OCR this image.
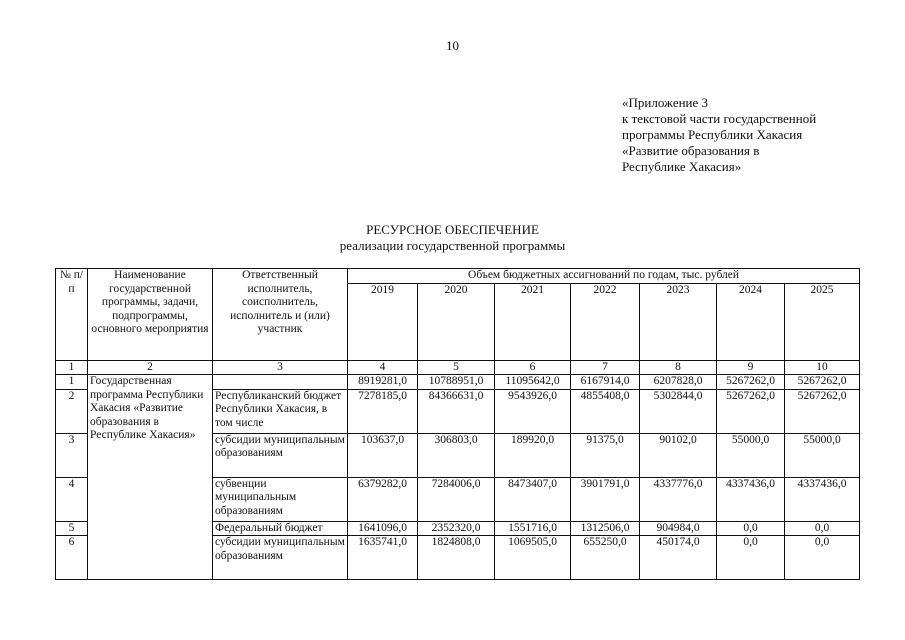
10
«Приложение 3
к текстовой части государственной
программы Республики Хакасия
«Развитие образования в
Республике Хакасия»
РЕСУРСНОЕ ОБЕСПЕЧЕНИЕ
реализации государственной программы
№ п/п	Наименование государственной программы, задачи, подпрограммы, основного мероприятия	Ответственный исполнитель, соисполнитель, исполнитель и (или) участник	Объем бюджетных ассигнований по годам, тыс. рублей						
			2019	2020	2021	2022	2023	2024	2025
1	2	3	4	5	6	7	8	9	10
1	Государственная программа Республики Хакасия «Развитие образования в Республике Хакасия»		8919281,0	10788951,0	11095642,0	6167914,0	6207828,0	5267262,0	5267262,0
2		Республиканский бюджет Республики Хакасия, в том числе	7278185,0	84366631,0	9543926,0	4855408,0	5302844,0	5267262,0	5267262,0
3		субсидии муниципальным образованиям	103637,0	306803,0	189920,0	91375,0	90102,0	55000,0	55000,0
4		субвенции муниципальным образованиям	6379282,0	7284006,0	8473407,0	3901791,0	4337776,0	4337436,0	4337436,0
5		Федеральный бюджет	1641096,0	2352320,0	1551716,0	1312506,0	904984,0	0,0	0,0
6		субсидии муниципальным образованиям	1635741,0	1824808,0	1069505,0	655250,0	450174,0	0,0	0,0
